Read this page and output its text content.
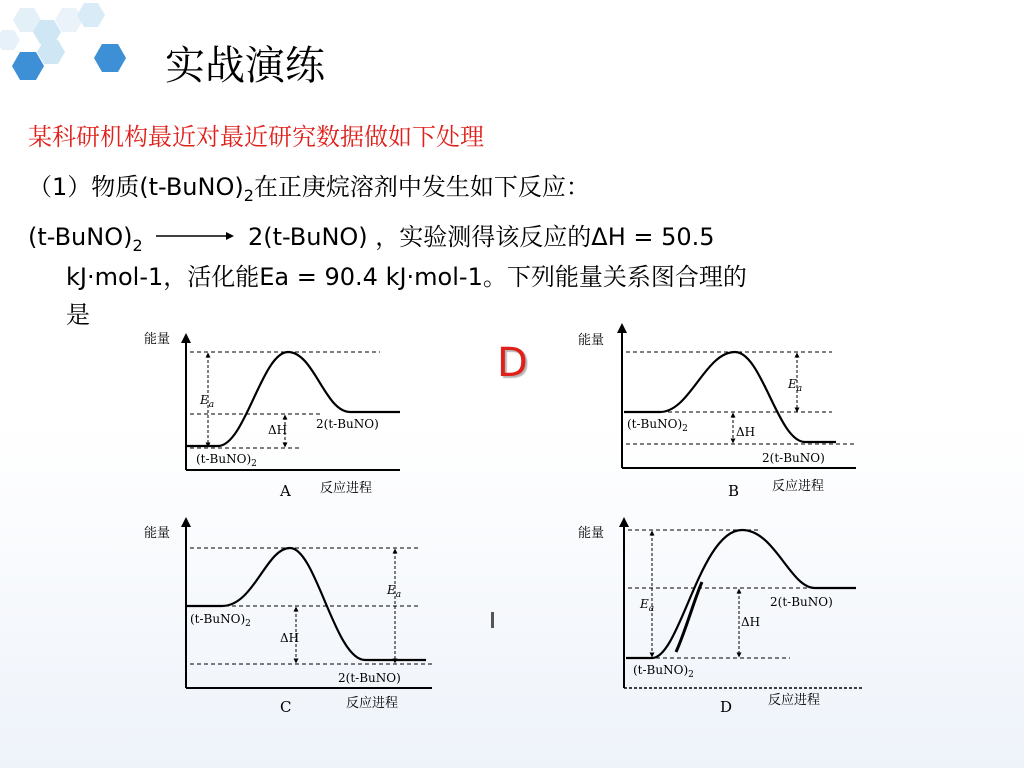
实战演练
某科研机构最近对最近研究数据做如下处理
（1）物质$(t-BuNO)_2$在正庚烷溶剂中发生如下反应：
$(t-BuNO)_2$ → 2(t-BuNO) ，实验测得该反应的ΔH = 50.5
kJ·mol-1，活化能Ea = 90.4 kJ·mol-1。下列能量关系图合理的
是
D
$E_a$
ΔH 2(t-BuNO)
$(t-BuNO)_2$
能量
反应进程
A
$E_a$
ΔH
$(t-BuNO)_2$
2(t-BuNO)
能量
反应进程
B
$E_a$
ΔH
$(t-BuNO)_2$
2(t-BuNO)
能量
反应进程
C
$E_a$
ΔH
2(t-BuNO)
$(t-BuNO)_2$
能量
反应进程
D
